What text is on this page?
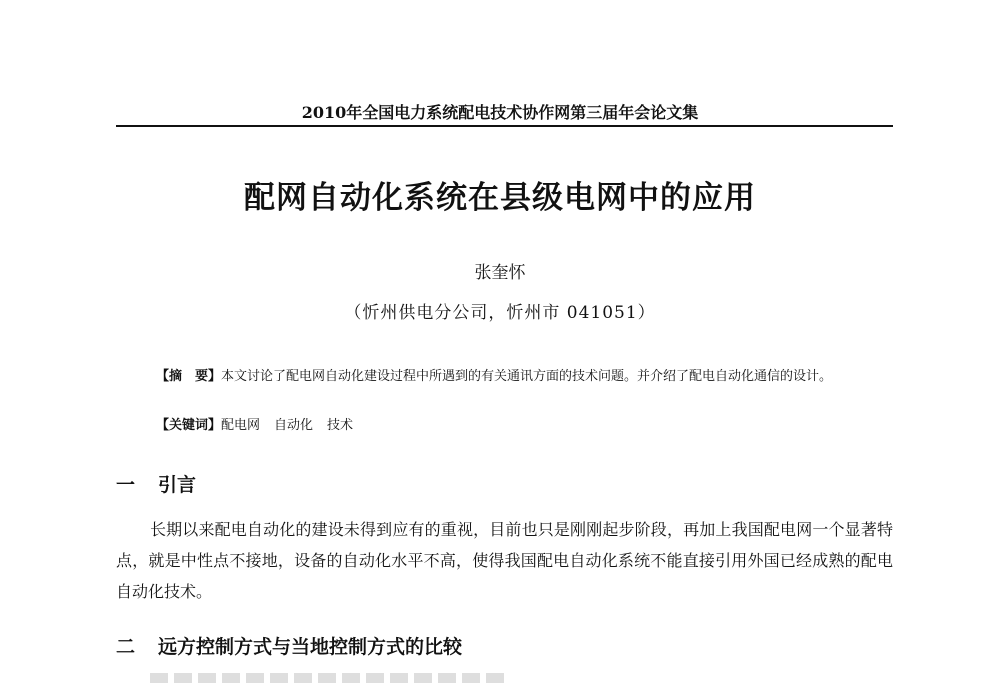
2010年全国电力系统配电技术协作网第三届年会论文集
配网自动化系统在县级电网中的应用
张奎怀
（忻州供电分公司，忻州市 041051）
【摘　要】本文讨论了配电网自动化建设过程中所遇到的有关通讯方面的技术问题。并介绍了配电自动化通信的设计。
【关键词】配电网 自动化 技术
一 引言
长期以来配电自动化的建设未得到应有的重视，目前也只是刚刚起步阶段，再加上我国配电网一个显著特点，就是中性点不接地，设备的自动化水平不高，使得我国配电自动化系统不能直接引用外国已经成熟的配电自动化技术。
二 远方控制方式与当地控制方式的比较
